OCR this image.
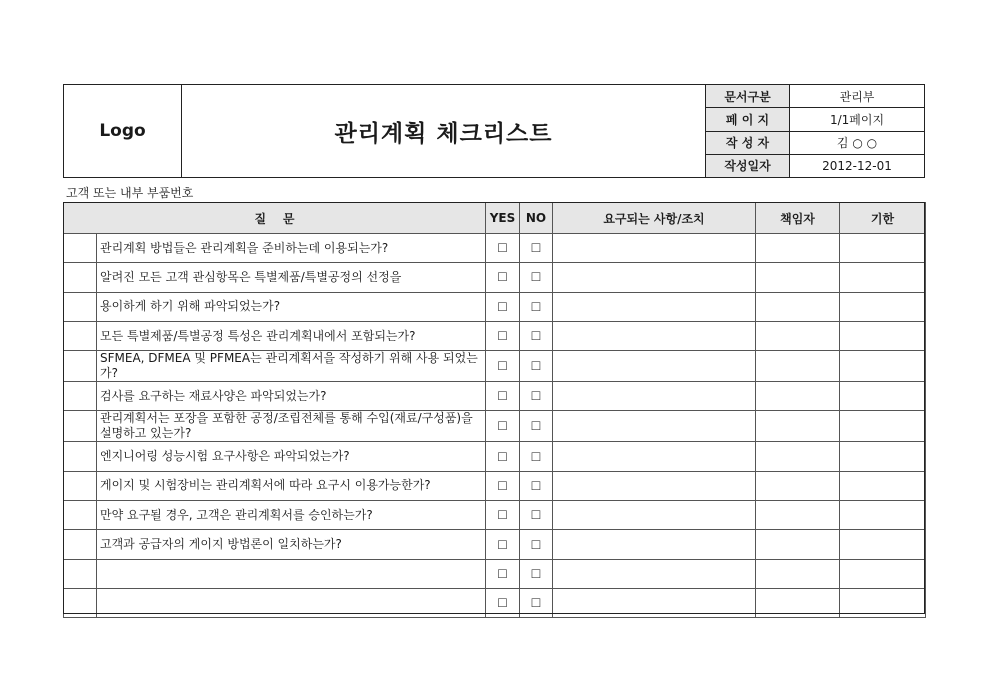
Logo	관리계획 체크리스트	문서구분	관리부
		페 이 지	1/1페이지
		작 성 자	김 ○ ○
		작성일자	2012-12-01
고객 또는 내부 부품번호
질    문		YES	NO	요구되는 사항/조치	책임자	기한
	관리계획 방법들은 관리계획을 준비하는데 이용되는가?	☐	☐			
	알려진 모든 고객 관심항목은 특별제품/특별공정의 선정을	☐	☐			
	용이하게 하기 위해 파악되었는가?	☐	☐			
	모든 특별제품/특별공정 특성은 관리계획내에서 포함되는가?	☐	☐			
	SFMEA, DFMEA 및 PFMEA는 관리계획서을 작성하기 위해 사용 되었는가?	☐	☐			
	검사를 요구하는 재료사양은 파악되었는가?	☐	☐			
	관리계획서는 포장을 포함한 공정/조립전체를 통해 수입(재료/구성품)을 설명하고 있는가?	☐	☐			
	엔지니어링 성능시험 요구사항은 파악되었는가?	☐	☐			
	게이지 및 시험장비는 관리계획서에 따라 요구시 이용가능한가?	☐	☐			
	만약 요구될 경우, 고객은 관리계획서를 승인하는가?	☐	☐			
	고객과 공급자의 게이지 방법론이 일치하는가?	☐	☐			
		☐	☐			
		☐	☐			
